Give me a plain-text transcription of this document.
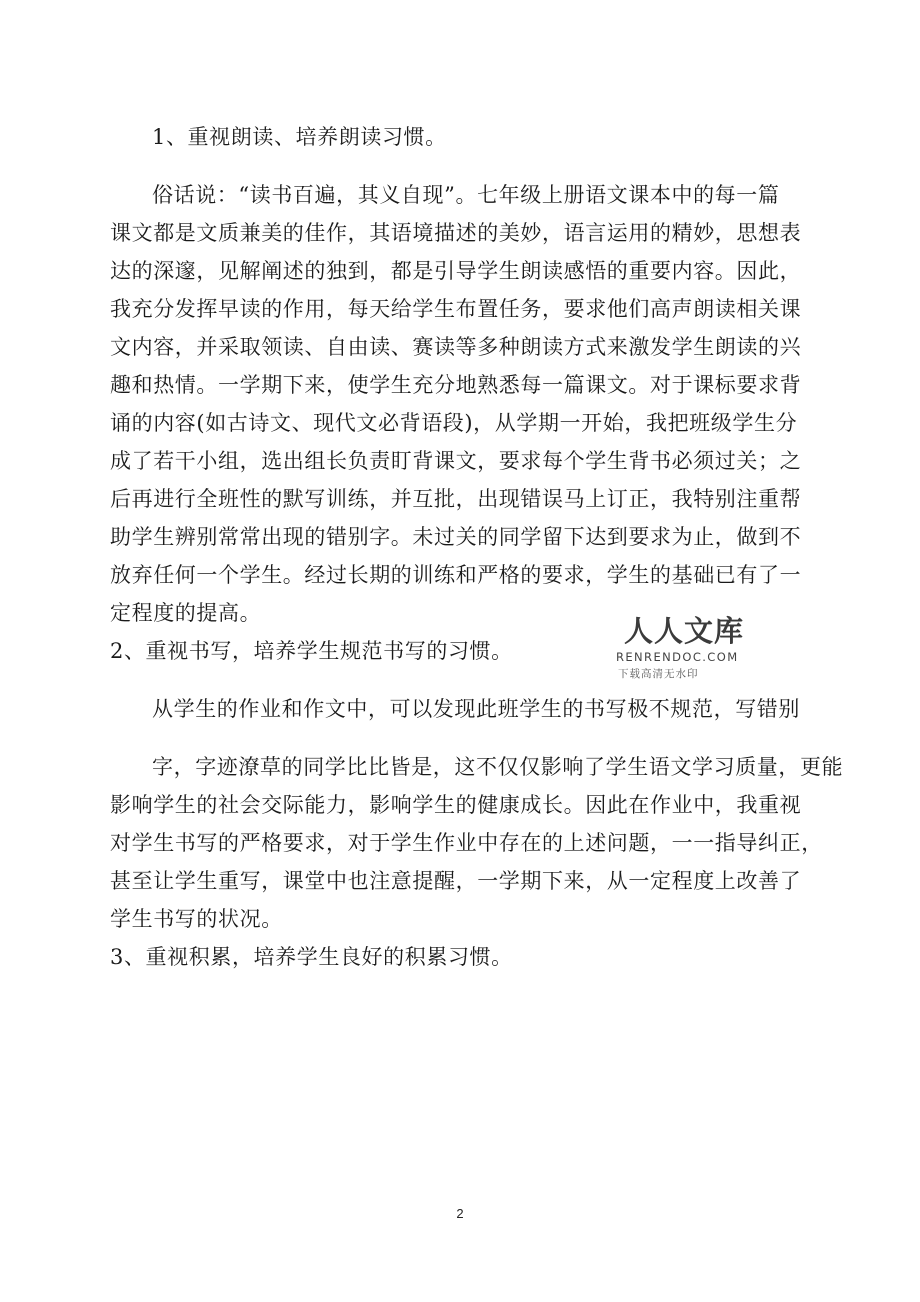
1、重视朗读、培养朗读习惯。
俗话说：“读书百遍，其义自现”。七年级上册语文课本中的每一篇
课文都是文质兼美的佳作，其语境描述的美妙，语言运用的精妙，思想表
达的深邃，见解阐述的独到，都是引导学生朗读感悟的重要内容。因此，
我充分发挥早读的作用，每天给学生布置任务，要求他们高声朗读相关课
文内容，并采取领读、自由读、赛读等多种朗读方式来激发学生朗读的兴
趣和热情。一学期下来，使学生充分地熟悉每一篇课文。对于课标要求背
诵的内容(如古诗文、现代文必背语段)，从学期一开始，我把班级学生分
成了若干小组，选出组长负责盯背课文，要求每个学生背书必须过关；之
后再进行全班性的默写训练，并互批，出现错误马上订正，我特别注重帮
助学生辨别常常出现的错别字。未过关的同学留下达到要求为止，做到不
放弃任何一个学生。经过长期的训练和严格的要求，学生的基础已有了一
定程度的提高。
2、重视书写，培养学生规范书写的习惯。
从学生的作业和作文中，可以发现此班学生的书写极不规范，写错别
字，字迹潦草的同学比比皆是，这不仅仅影响了学生语文学习质量，更能
影响学生的社会交际能力，影响学生的健康成长。因此在作业中，我重视
对学生书写的严格要求，对于学生作业中存在的上述问题，一一指导纠正，
甚至让学生重写，课堂中也注意提醒，一学期下来，从一定程度上改善了
学生书写的状况。
3、重视积累，培养学生良好的积累习惯。
人人文库
RENRENDOC.COM
下载高清无水印
2
